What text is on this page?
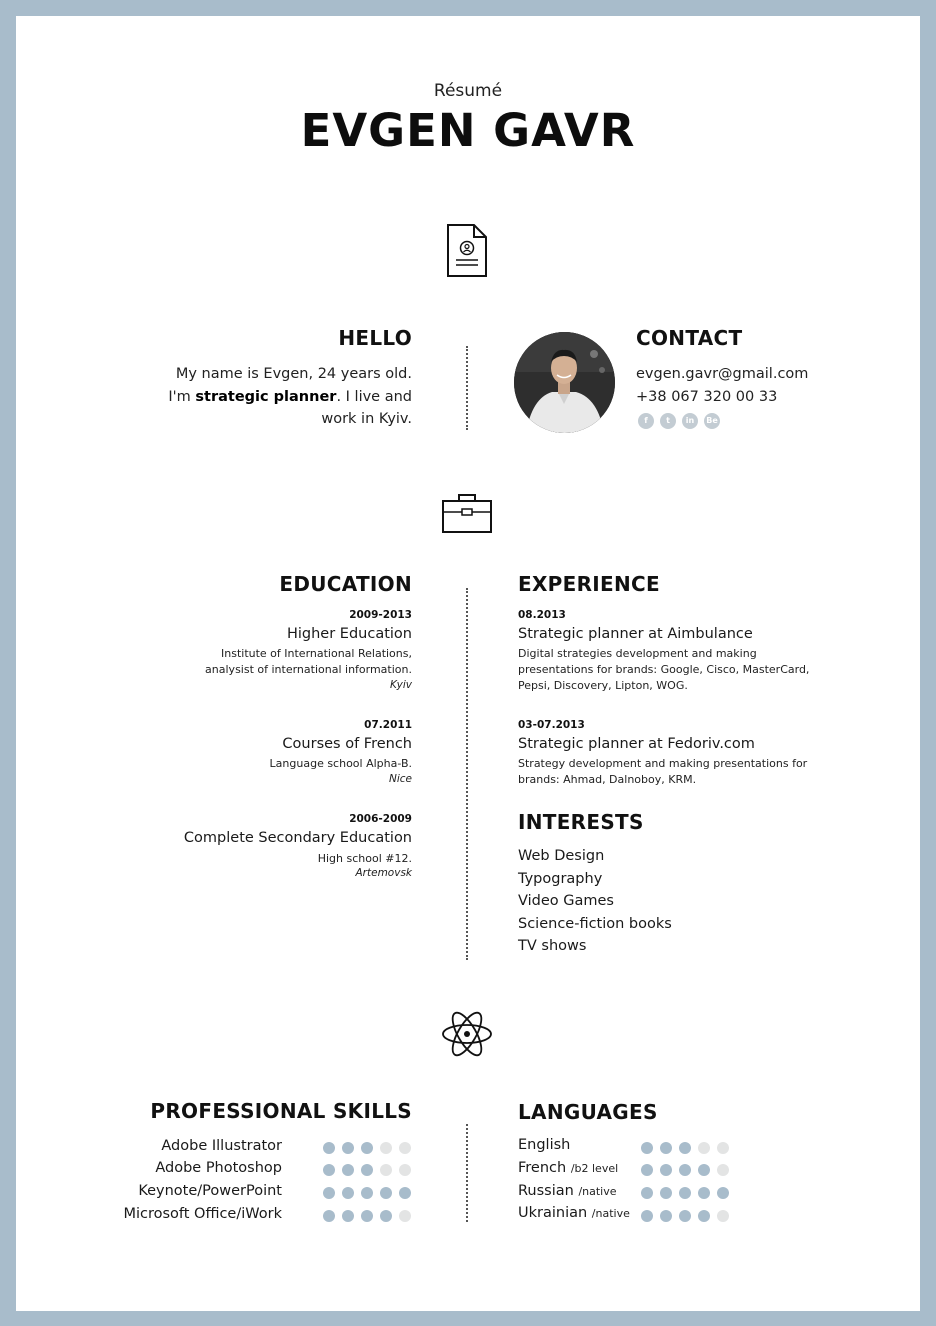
Résumé
EVGEN GAVR
HELLO
My name is Evgen, 24 years old.
I'm strategic planner. I live and
work in Kyiv.
CONTACT
evgen.gavr@gmail.com
+38 067 320 00 33
f	t	in	Be
EDUCATION
2009-2013
Higher Education
Institute of International Relations,
analysist of international information.
Kyiv
07.2011
Courses of French
Language school Alpha-B.
Nice
2006-2009
Complete Secondary Education
High school #12.
Artemovsk
EXPERIENCE
08.2013
Strategic planner at Aimbulance
Digital strategies development and making
presentations for brands: Google, Cisco, MasterCard,
Pepsi, Discovery, Lipton, WOG.
03-07.2013
Strategic planner at Fedoriv.com
Strategy development and making presentations for
brands: Ahmad, Dalnoboy, KRM.
INTERESTS
Web Design
Typography
Video Games
Science-fiction books
TV shows
PROFESSIONAL SKILLS
Adobe Illustrator
Adobe Photoshop
Keynote/PowerPoint
Microsoft Office/iWork
LANGUAGES
English
French /b2 level
Russian /native
Ukrainian /native
